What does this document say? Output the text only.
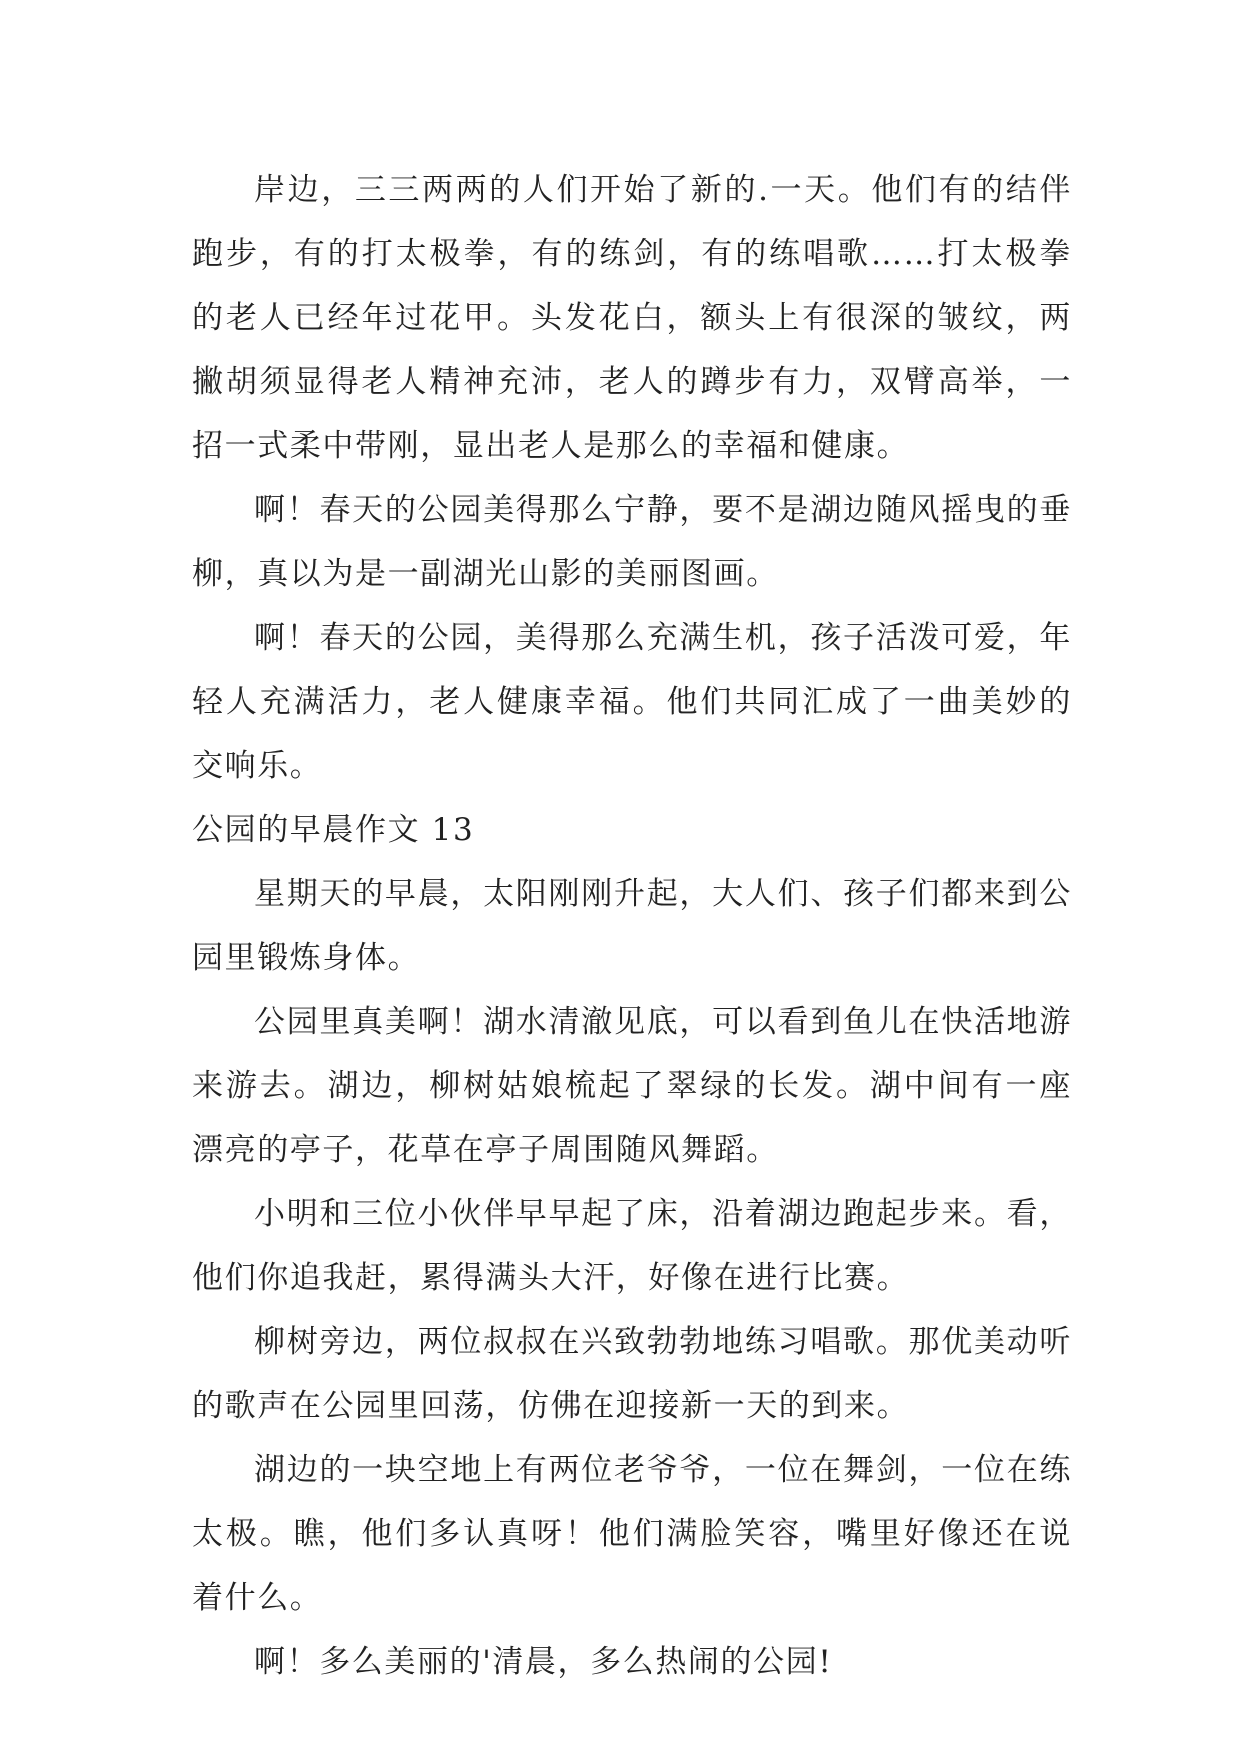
岸边，三三两两的人们开始了新的.一天。他们有的结伴跑步，有的打太极拳，有的练剑，有的练唱歌……打太极拳的老人已经年过花甲。头发花白，额头上有很深的皱纹，两撇胡须显得老人精神充沛，老人的蹲步有力，双臂高举，一招一式柔中带刚，显出老人是那么的幸福和健康。

啊！春天的公园美得那么宁静，要不是湖边随风摇曳的垂柳，真以为是一副湖光山影的美丽图画。

啊！春天的公园，美得那么充满生机，孩子活泼可爱，年轻人充满活力，老人健康幸福。他们共同汇成了一曲美妙的交响乐。

公园的早晨作文 13

星期天的早晨，太阳刚刚升起，大人们、孩子们都来到公园里锻炼身体。

公园里真美啊！湖水清澈见底，可以看到鱼儿在快活地游来游去。湖边，柳树姑娘梳起了翠绿的长发。湖中间有一座漂亮的亭子，花草在亭子周围随风舞蹈。

小明和三位小伙伴早早起了床，沿着湖边跑起步来。看，他们你追我赶，累得满头大汗，好像在进行比赛。

柳树旁边，两位叔叔在兴致勃勃地练习唱歌。那优美动听的歌声在公园里回荡，仿佛在迎接新一天的到来。

湖边的一块空地上有两位老爷爷，一位在舞剑，一位在练太极。瞧，他们多认真呀！他们满脸笑容，嘴里好像还在说着什么。

啊！多么美丽的'清晨，多么热闹的公园!
